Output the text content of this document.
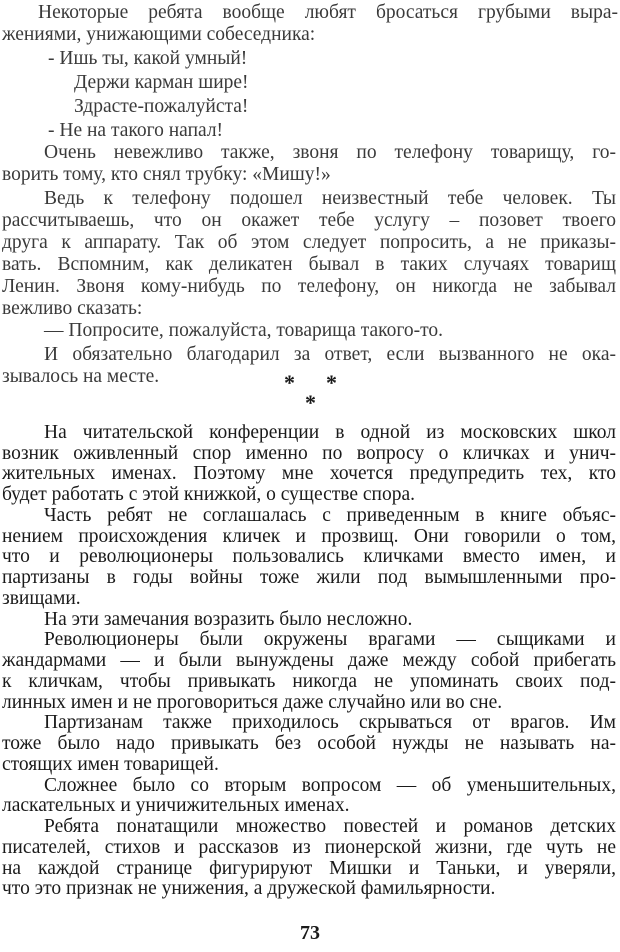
Некоторые ребята вообще любят бросаться грубыми выра-
жениями, унижающими собеседника:
- Ишь ты, какой умный!
Держи карман шире!
Здрасте-пожалуйста!
- Не на такого напал!
Очень невежливо также, звоня по телефону товарищу, го-
ворить тому, кто снял трубку: «Мишу!»
Ведь к телефону подошел неизвестный тебе человек. Ты
рассчитываешь, что он окажет тебе услугу – позовет твоего
друга к аппарату. Так об этом следует попросить, а не приказы-
вать. Вспомним, как деликатен бывал в таких случаях товарищ
Ленин. Звоня кому-нибудь по телефону, он никогда не забывал
вежливо сказать:
— Попросите, пожалуйста, товарища такого-то.
И обязательно благодарил за ответ, если вызванного не ока-
зывалось на месте.	* *
*
На читательской конференции в одной из московских школ
возник оживленный спор именно по вопросу о кличках и унич-
жительных именах. Поэтому мне хочется предупредить тех, кто
будет работать с этой книжкой, о существе спора.
Часть ребят не соглашалась с приведенным в книге объяс-
нением происхождения кличек и прозвищ. Они говорили о том,
что и революционеры пользовались кличками вместо имен, и
партизаны в годы войны тоже жили под вымышленными про-
звищами.
На эти замечания возразить было несложно.
Революционеры были окружены врагами — сыщиками и
жандармами — и были вынуждены даже между собой прибегать
к кличкам, чтобы привыкать никогда не упоминать своих под-
линных имен и не проговориться даже случайно или во сне.
Партизанам также приходилось скрываться от врагов. Им
тоже было надо привыкать без особой нужды не называть на-
стоящих имен товарищей.
Сложнее было со вторым вопросом — об уменьшительных,
ласкательных и уничижительных именах.
Ребята понатащили множество повестей и романов детских
писателей, стихов и рассказов из пионерской жизни, где чуть не
на каждой странице фигурируют Мишки и Таньки, и уверяли,
что это признак не унижения, а дружеской фамильярности.
73
